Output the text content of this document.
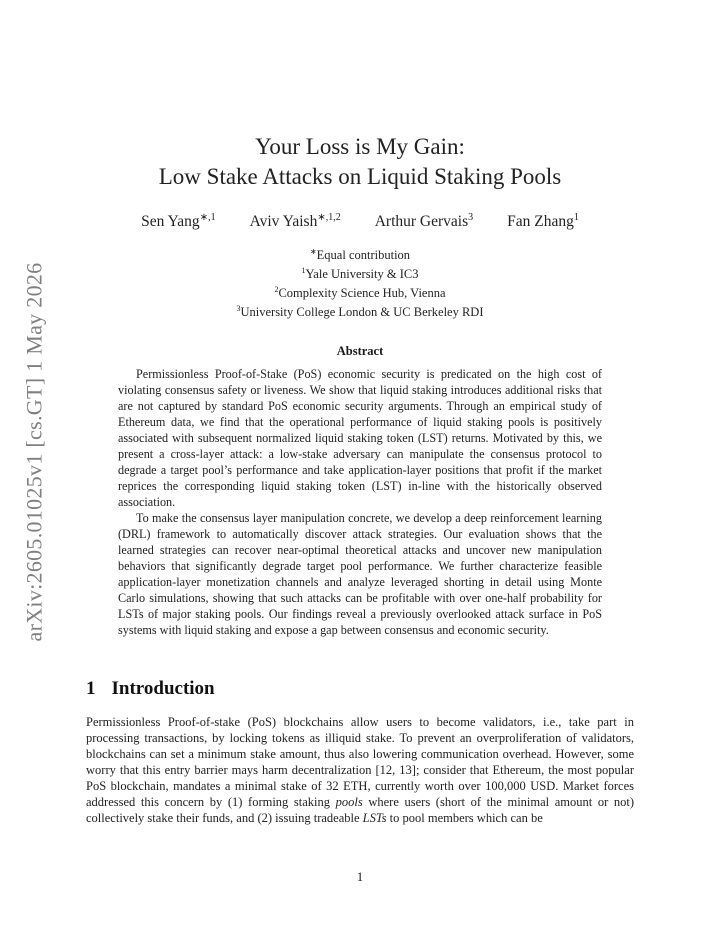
arXiv:2605.01025v1 [cs.GT] 1 May 2026
Your Loss is My Gain:
Low Stake Attacks on Liquid Staking Pools
Sen Yang$^{∗,1}$ Aviv Yaish$^{∗,1,2}$ Arthur Gervais$^3$ Fan Zhang$^1$
∗Equal contribution
$^1$Yale University & IC3
$^2$Complexity Science Hub, Vienna
$^3$University College London & UC Berkeley RDI
Abstract

Permissionless Proof-of-Stake (PoS) economic security is predicated on the high cost of violating consensus safety or liveness. We show that liquid staking introduces additional risks that are not captured by standard PoS economic security arguments. Through an empirical study of Ethereum data, we find that the operational performance of liquid staking pools is positively associated with subsequent normalized liquid staking token (LST) returns. Motivated by this, we present a cross-layer attack: a low-stake adversary can manipulate the consensus protocol to degrade a target pool’s performance and take application-layer positions that profit if the market reprices the corresponding liquid staking token (LST) in-line with the historically observed association.

To make the consensus layer manipulation concrete, we develop a deep reinforcement learning (DRL) framework to automatically discover attack strategies. Our evaluation shows that the learned strategies can recover near-optimal theoretical attacks and uncover new manipulation behaviors that significantly degrade target pool performance. We further characterize feasible application-layer monetization channels and analyze leveraged shorting in detail using Monte Carlo simulations, showing that such attacks can be profitable with over one-half probability for LSTs of major staking pools. Our findings reveal a previously overlooked attack surface in PoS systems with liquid staking and expose a gap between consensus and economic security.

1 Introduction

Permissionless Proof-of-stake (PoS) blockchains allow users to become validators, i.e., take part in processing transactions, by locking tokens as illiquid stake. To prevent an overproliferation of validators, blockchains can set a minimum stake amount, thus also lowering communication overhead. However, some worry that this entry barrier mays harm decentralization [12, 13]; consider that Ethereum, the most popular PoS blockchain, mandates a minimal stake of 32 ETH, currently worth over 100,000 USD. Market forces addressed this concern by (1) forming staking pools where users (short of the minimal amount or not) collectively stake their funds, and (2) issuing tradeable LSTs to pool members which can be

1
